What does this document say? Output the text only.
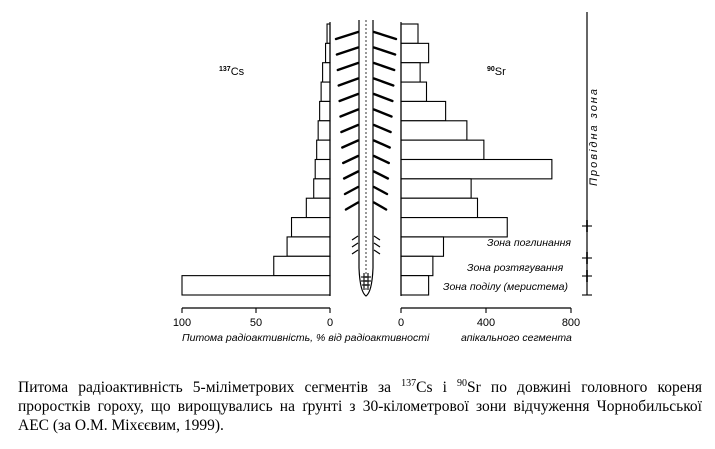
100	50	0
$^{137}$Cs
0	400	800
$^{90}$Sr
Провідна зона
Зона поглинання
Зона розтягування
Зона поділу (меристема)
Питома радіоактивність, % від радіоактивності	апікального сегмента

Питома радіоактивність 5-міліметрових сегментів за $^{137}$Cs і $^{90}$Sr по довжині головного кореня проростків гороху, що вирощувались на ґрунті з 30-кілометрової зони відчуження Чорнобильської АЕС (за О.М. Міхєєвим, 1999).
